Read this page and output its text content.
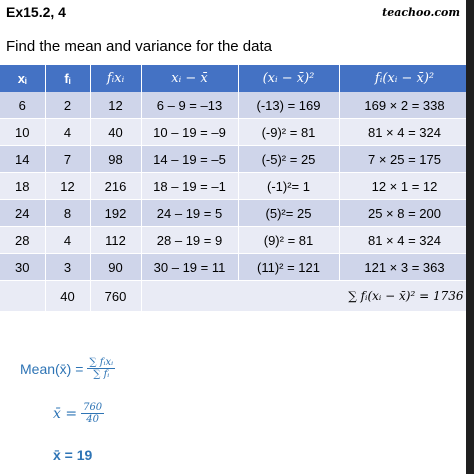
Ex15.2, 4	teachoo.com
Find the mean and variance for the data
xᵢ	fᵢ	fᵢxᵢ	xᵢ − x̄	(xᵢ − x̄)²	fᵢ(xᵢ − x̄)²
6	2	12	6 – 9 = –13	(-13) = 169	169 × 2 = 338
10	4	40	10 – 19 = –9	(-9)² = 81	81 × 4 = 324
14	7	98	14 – 19 = –5	(-5)² = 25	7 × 25 = 175
18	12	216	18 – 19 = –1	(-1)²= 1	12 × 1 = 12
24	8	192	24 – 19 = 5	(5)²= 25	25 × 8 = 200
28	4	112	28 – 19 = 9	(9)² = 81	81 × 4 = 324
30	3	90	30 – 19 = 11	(11)² = 121	121 × 3 = 363
	40	760	∑ fᵢ(xᵢ − x̄)² = 1736		
Mean(x̄) = $\frac{\text{∑ fᵢxᵢ}}{\text{∑ fᵢ}}$
x̄ = $\frac{760}{40}$
x̄ = 19
